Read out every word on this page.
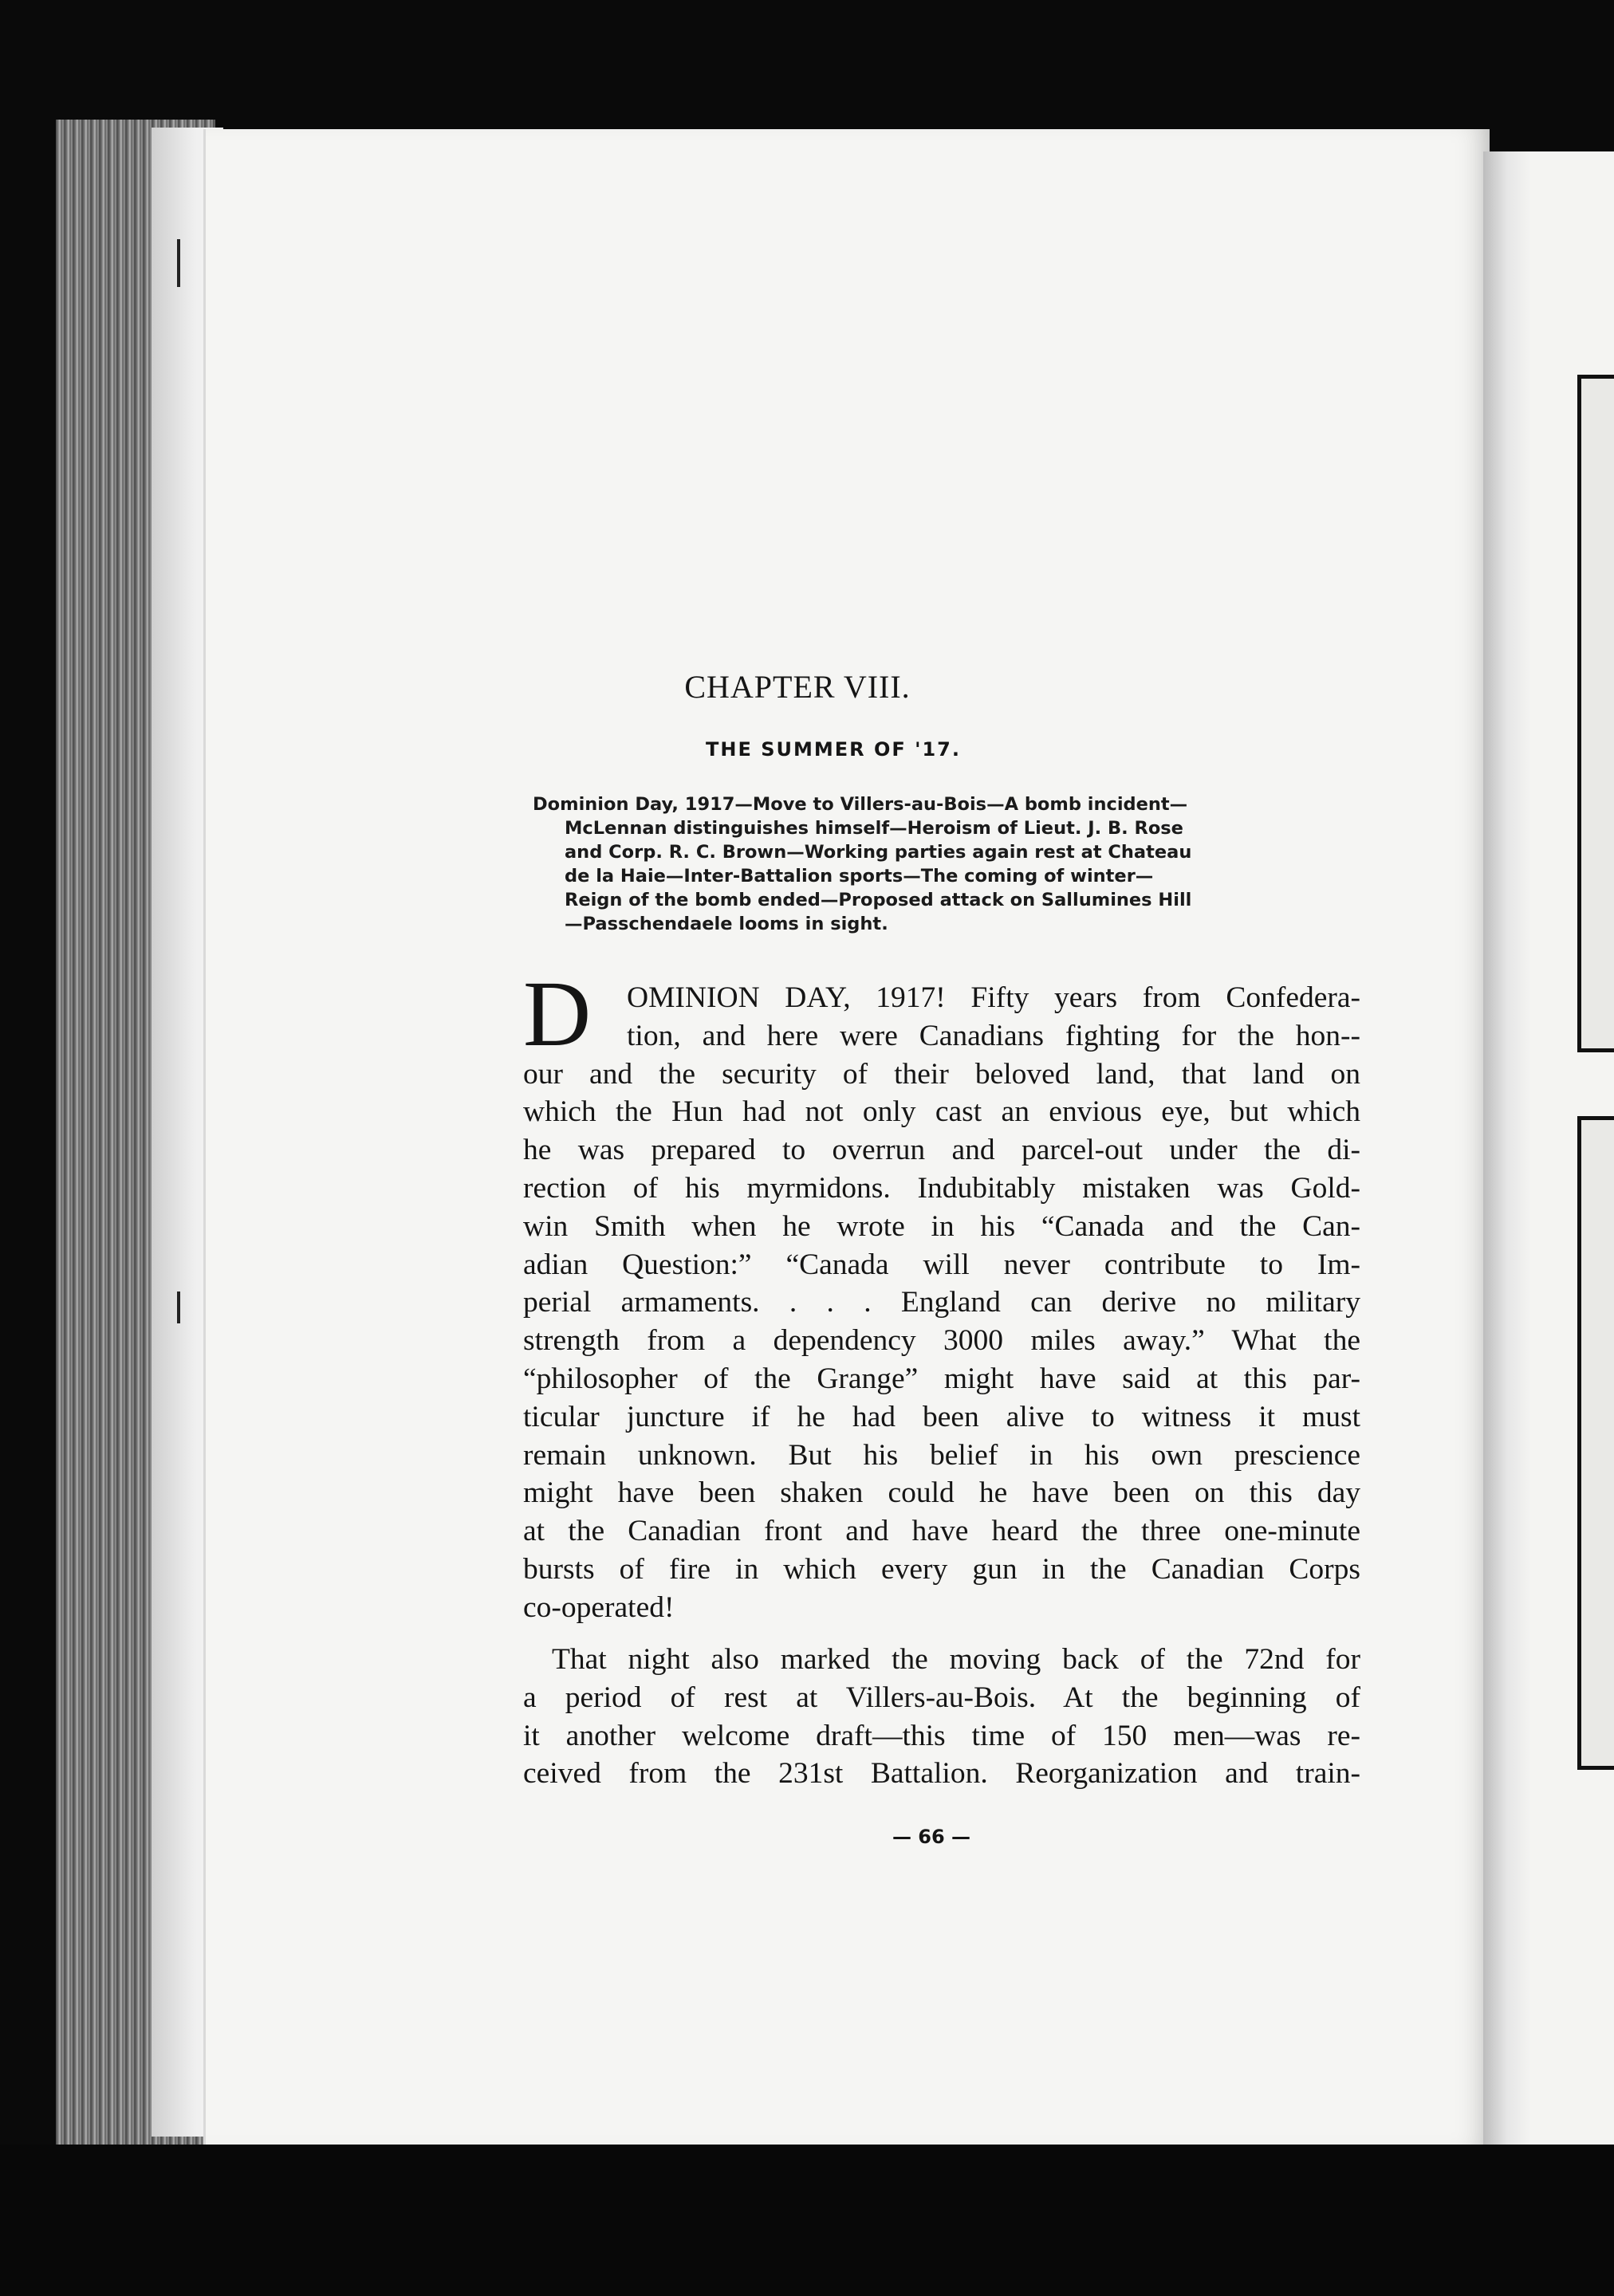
CHAPTER VIII.
THE SUMMER OF '17.

Dominion Day, 1917—Move to Villers-au-Bois—A bomb incident—
McLennan distinguishes himself—Heroism of Lieut. J. B. Rose
and Corp. R. C. Brown—Working parties again rest at Chateau
de la Haie—Inter-Battalion sports—The coming of winter—
Reign of the bomb ended—Proposed attack on Sallumines Hill
—Passchendaele looms in sight.

D	OMINION DAY, 1917! Fifty years from Confedera-
tion, and here were Canadians fighting for the hon--
our and the security of their beloved land, that land on
which the Hun had not only cast an envious eye, but which
he was prepared to overrun and parcel-out under the di-
rection of his myrmidons. Indubitably mistaken was Gold-
win Smith when he wrote in his “Canada and the Can-
adian Question:” “Canada will never contribute to Im-
perial armaments. . . . England can derive no military
strength from a dependency 3000 miles away.” What the
“philosopher of the Grange” might have said at this par-
ticular juncture if he had been alive to witness it must
remain unknown. But his belief in his own prescience
might have been shaken could he have been on this day
at the Canadian front and have heard the three one-minute
bursts of fire in which every gun in the Canadian Corps
co-operated!

That night also marked the moving back of the 72nd for
a period of rest at Villers-au-Bois. At the beginning of
it another welcome draft—this time of 150 men—was re-
ceived from the 231st Battalion. Reorganization and train-

— 66 —
